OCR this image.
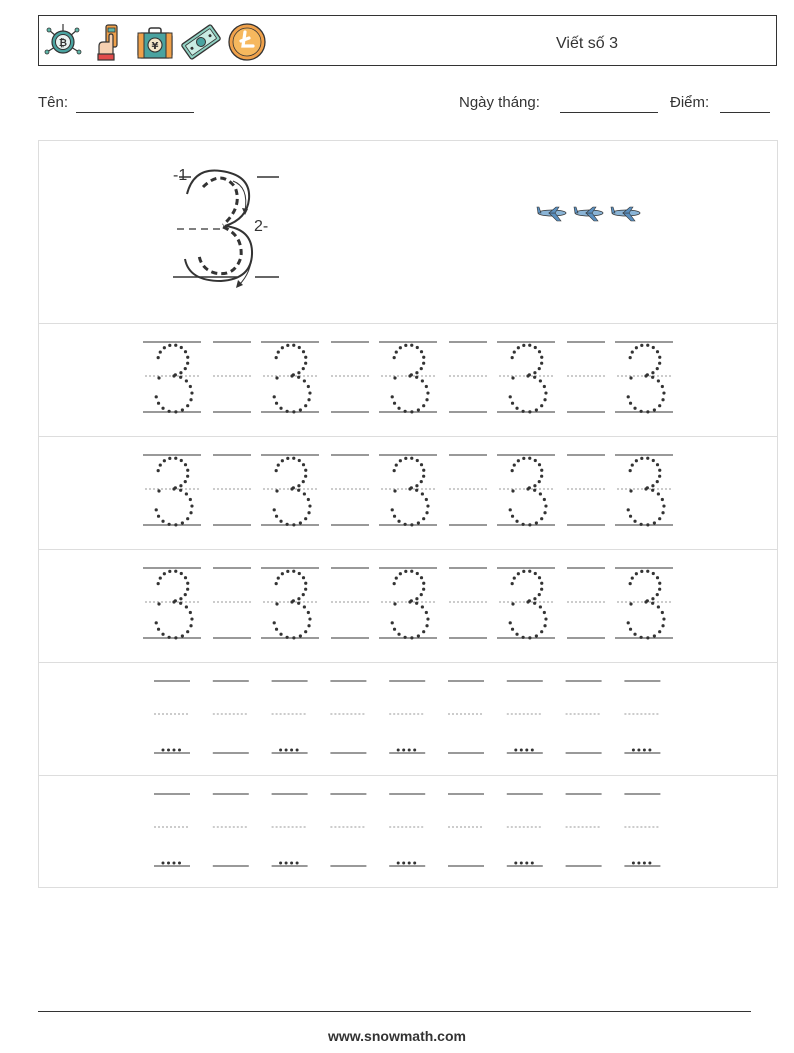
₿	¥	Viết số 3
Tên:	Ngày tháng:	Điểm:
-1
2-
www.snowmath.com
